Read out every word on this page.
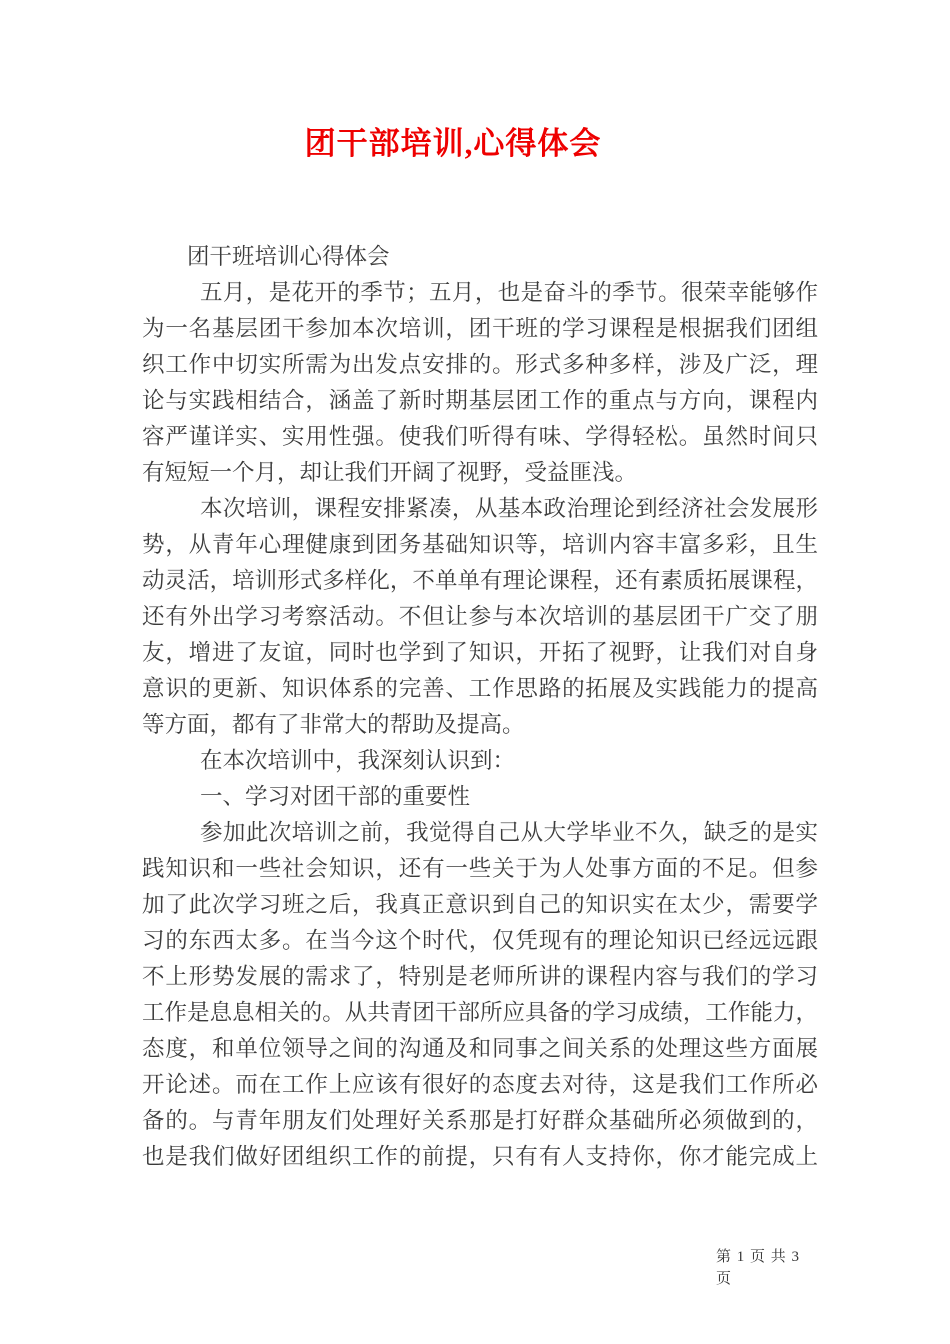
团干部培训,心得体会
团干班培训心得体会
五月，是花开的季节；五月，也是奋斗的季节。很荣幸能够作
为一名基层团干参加本次培训，团干班的学习课程是根据我们团组
织工作中切实所需为出发点安排的。形式多种多样，涉及广泛，理
论与实践相结合，涵盖了新时期基层团工作的重点与方向，课程内
容严谨详实、实用性强。使我们听得有味、学得轻松。虽然时间只
有短短一个月，却让我们开阔了视野，受益匪浅。
本次培训，课程安排紧凑，从基本政治理论到经济社会发展形
势，从青年心理健康到团务基础知识等，培训内容丰富多彩，且生
动灵活，培训形式多样化，不单单有理论课程，还有素质拓展课程，
还有外出学习考察活动。不但让参与本次培训的基层团干广交了朋
友，增进了友谊，同时也学到了知识，开拓了视野，让我们对自身
意识的更新、知识体系的完善、工作思路的拓展及实践能力的提高
等方面，都有了非常大的帮助及提高。
在本次培训中，我深刻认识到：
一、学习对团干部的重要性
参加此次培训之前，我觉得自己从大学毕业不久，缺乏的是实
践知识和一些社会知识，还有一些关于为人处事方面的不足。但参
加了此次学习班之后，我真正意识到自己的知识实在太少，需要学
习的东西太多。在当今这个时代，仅凭现有的理论知识已经远远跟
不上形势发展的需求了，特别是老师所讲的课程内容与我们的学习
工作是息息相关的。从共青团干部所应具备的学习成绩，工作能力，
态度，和单位领导之间的沟通及和同事之间关系的处理这些方面展
开论述。而在工作上应该有很好的态度去对待，这是我们工作所必
备的。与青年朋友们处理好关系那是打好群众基础所必须做到的，
也是我们做好团组织工作的前提，只有有人支持你，你才能完成上
第 1 页 共 3 页
